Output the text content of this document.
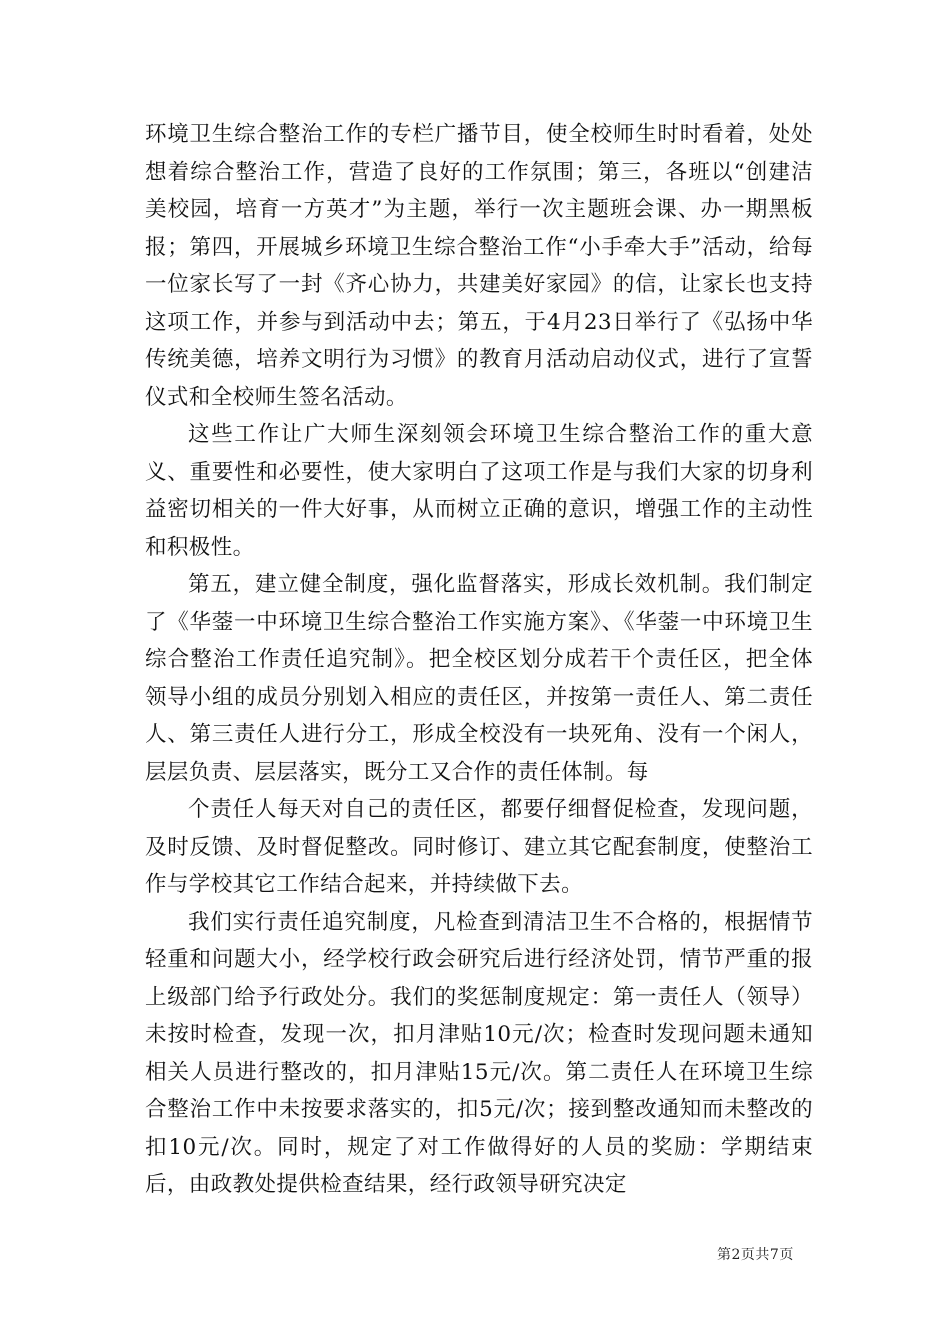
环境卫生综合整治工作的专栏广播节目，使全校师生时时看着，处处想着综合整治工作，营造了良好的工作氛围；第三，各班以“创建洁美校园，培育一方英才”为主题，举行一次主题班会课、办一期黑板报；第四，开展城乡环境卫生综合整治工作“小手牵大手”活动，给每一位家长写了一封《齐心协力，共建美好家园》的信，让家长也支持这项工作，并参与到活动中去；第五，于4月23日举行了《弘扬中华传统美德，培养文明行为习惯》的教育月活动启动仪式，进行了宣誓仪式和全校师生签名活动。

这些工作让广大师生深刻领会环境卫生综合整治工作的重大意义、重要性和必要性，使大家明白了这项工作是与我们大家的切身利益密切相关的一件大好事，从而树立正确的意识，增强工作的主动性和积极性。

第五，建立健全制度，强化监督落实，形成长效机制。我们制定了《华蓥一中环境卫生综合整治工作实施方案》、《华蓥一中环境卫生综合整治工作责任追究制》。把全校区划分成若干个责任区，把全体领导小组的成员分别划入相应的责任区，并按第一责任人、第二责任人、第三责任人进行分工，形成全校没有一块死角、没有一个闲人，层层负责、层层落实，既分工又合作的责任体制。每

个责任人每天对自己的责任区，都要仔细督促检查，发现问题，及时反馈、及时督促整改。同时修订、建立其它配套制度，使整治工作与学校其它工作结合起来，并持续做下去。

我们实行责任追究制度，凡检查到清洁卫生不合格的，根据情节轻重和问题大小，经学校行政会研究后进行经济处罚，情节严重的报上级部门给予行政处分。我们的奖惩制度规定：第一责任人（领导）未按时检查，发现一次，扣月津贴10元/次；检查时发现问题未通知相关人员进行整改的，扣月津贴15元/次。第二责任人在环境卫生综合整治工作中未按要求落实的，扣5元/次；接到整改通知而未整改的扣10元/次。同时，规定了对工作做得好的人员的奖励：学期结束后，由政教处提供检查结果，经行政领导研究决定

第2页共7页
